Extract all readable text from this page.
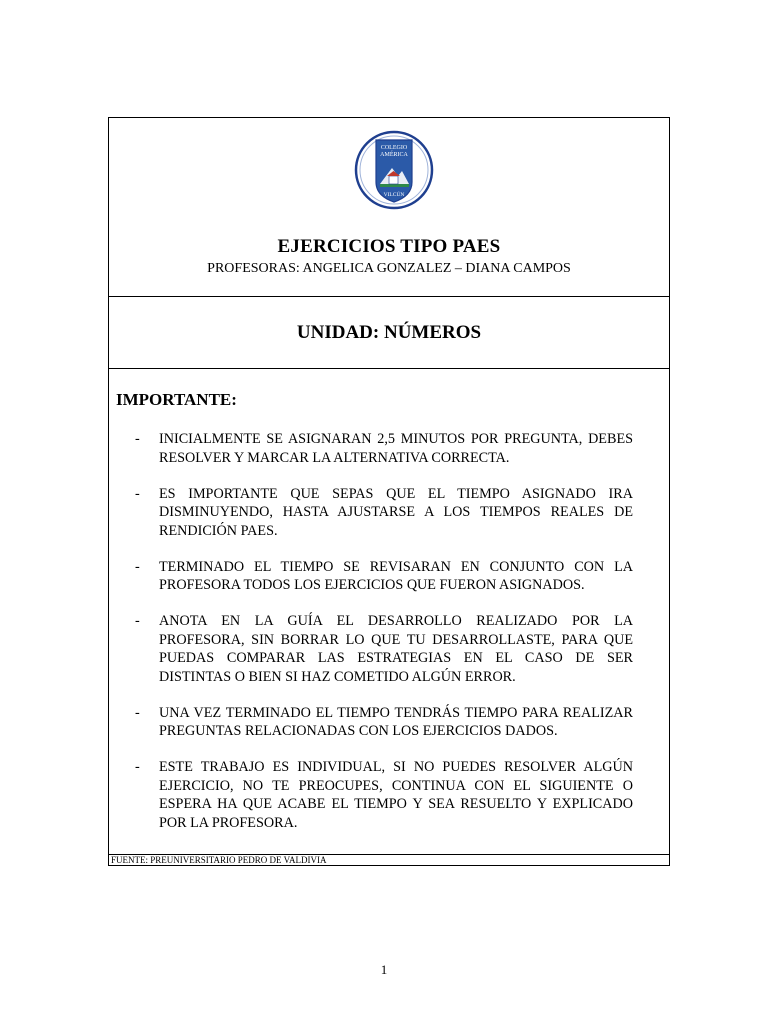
COLEGIO
AMÉRICA
VILCÚN
EJERCICIOS TIPO PAES
PROFESORAS: ANGELICA GONZALEZ – DIANA CAMPOS
UNIDAD: NÚMEROS
IMPORTANTE:
- INICIALMENTE SE ASIGNARAN 2,5 MINUTOS POR PREGUNTA, DEBES RESOLVER Y MARCAR LA ALTERNATIVA CORRECTA.
- ES IMPORTANTE QUE SEPAS QUE EL TIEMPO ASIGNADO IRA DISMINUYENDO, HASTA AJUSTARSE A LOS TIEMPOS REALES DE RENDICIÓN PAES.
- TERMINADO EL TIEMPO SE REVISARAN EN CONJUNTO CON LA PROFESORA TODOS LOS EJERCICIOS QUE FUERON ASIGNADOS.
- ANOTA EN LA GUÍA EL DESARROLLO REALIZADO POR LA PROFESORA, SIN BORRAR LO QUE TU DESARROLLASTE, PARA QUE PUEDAS COMPARAR LAS ESTRATEGIAS EN EL CASO DE SER DISTINTAS O BIEN SI HAZ COMETIDO ALGÚN ERROR.
- UNA VEZ TERMINADO EL TIEMPO TENDRÁS TIEMPO PARA REALIZAR PREGUNTAS RELACIONADAS CON LOS EJERCICIOS DADOS.
- ESTE TRABAJO ES INDIVIDUAL, SI NO PUEDES RESOLVER ALGÚN EJERCICIO, NO TE PREOCUPES, CONTINUA CON EL SIGUIENTE O ESPERA HA QUE ACABE EL TIEMPO Y SEA RESUELTO Y EXPLICADO POR LA PROFESORA.
FUENTE: PREUNIVERSITARIO PEDRO DE VALDIVIA
1
